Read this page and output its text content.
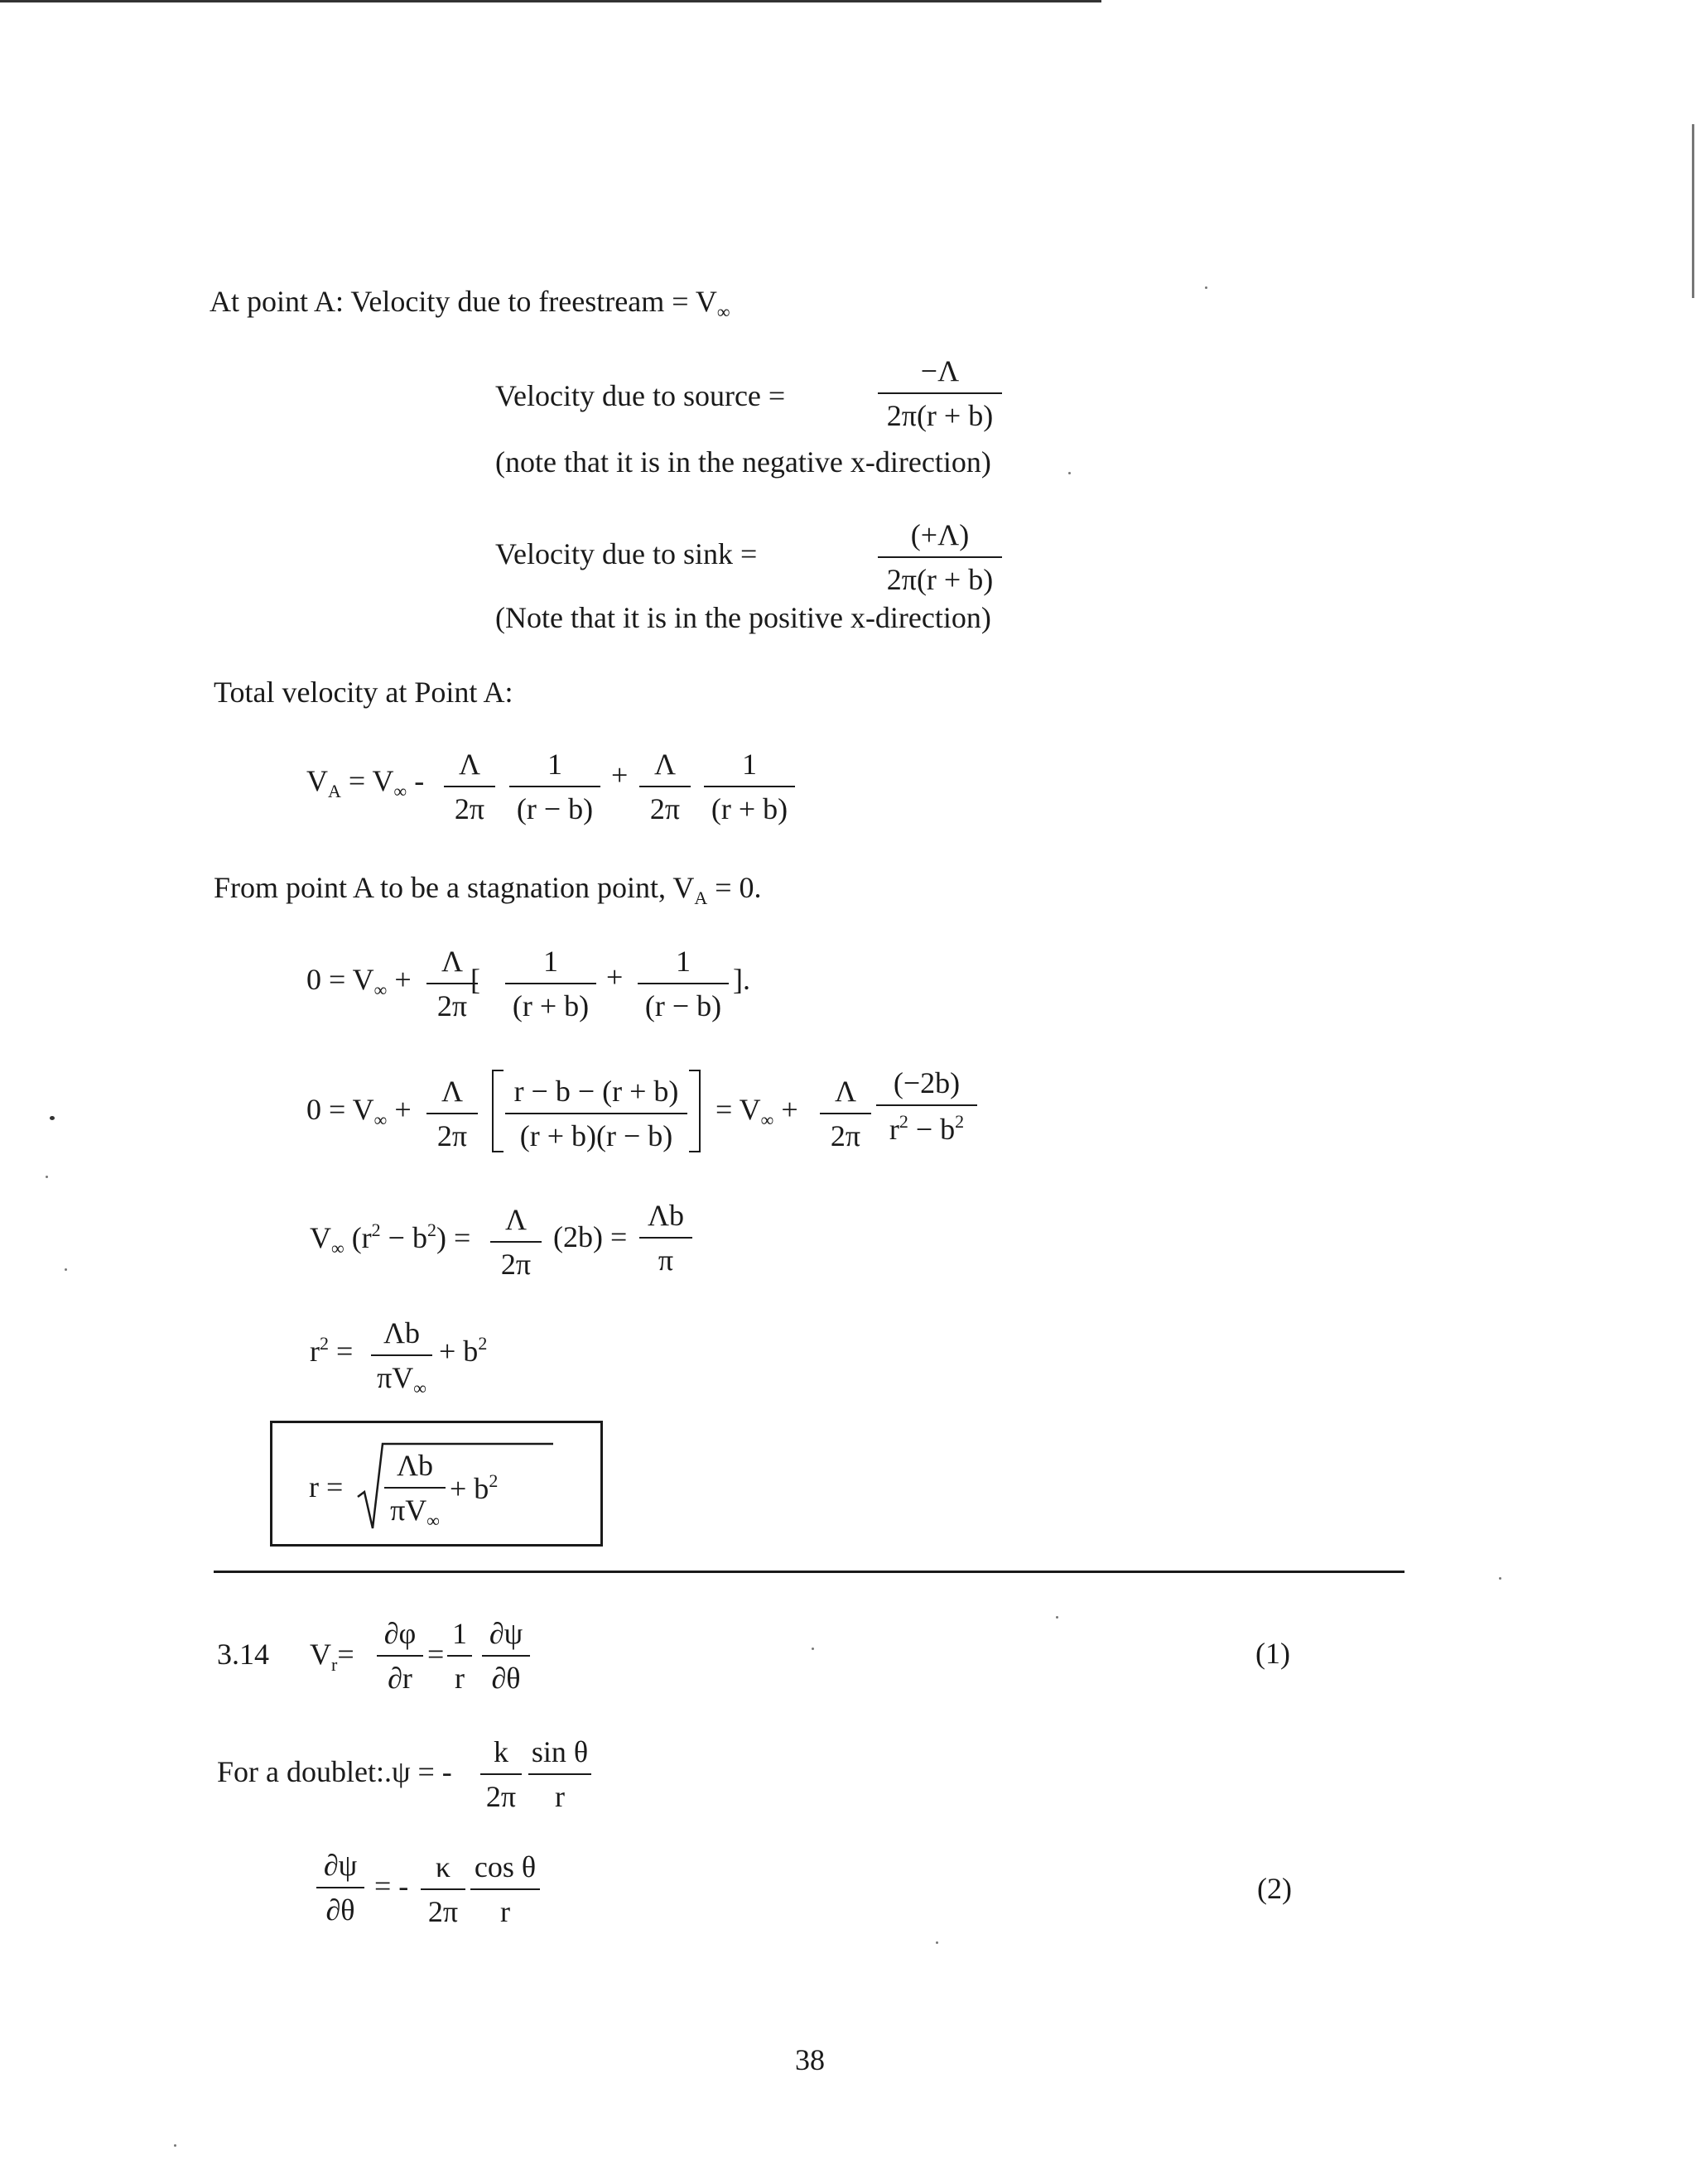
At point A: Velocity due to freestream = $V_\infty$
Velocity due to source =	$\frac{-\Lambda}{2\pi(r + b)}$
(note that it is in the negative x-direction)
Velocity due to sink =	$\frac{(+\Lambda)}{2\pi(r + b)}$
(Note that it is in the positive x-direction)
Total velocity at Point A:
$V_A = V_\infty - \frac{\Lambda}{2\pi} \frac{1}{(r - b)} + \frac{\Lambda}{2\pi} \frac{1}{(r + b)}$
From point A to be a stagnation point, $V_A = 0$.
$0 = V_\infty + \frac{\Lambda}{2\pi}$
[ $\frac{1}{(r + b)} + \frac{1}{(r - b)}$ ].
$0 = V_\infty + \frac{\Lambda}{2\pi} \frac{r - b - (r + b)}{(r + b)(r - b)} = V_\infty + \frac{\Lambda}{2\pi} \frac{(-2b)}{r^2 - b^2}$
$V_\infty$ $(r^2 - b^2) = \frac{\Lambda}{2\pi} (2b) = \frac{\Lambda b}{\pi}$
$r^2 = \frac{\Lambda b}{\pi V_\infty} + b^2$
$r = \frac{\Lambda b}{\pi V_\infty} + b^2$
3.14 $V_r= \frac{\partial\varphi}{\partial r} = \frac{1}{r} \frac{\partial\psi}{\partial\theta}$	(1)
For a doublet:.ψ = - $\frac{k}{2\pi} \frac{\text{sin θ}}{r}$
$\frac{\partial\psi}{\partial\theta}$ = - $\frac{\kappa}{2\pi} \frac{\text{cos θ}}{r}$	(2)
38
